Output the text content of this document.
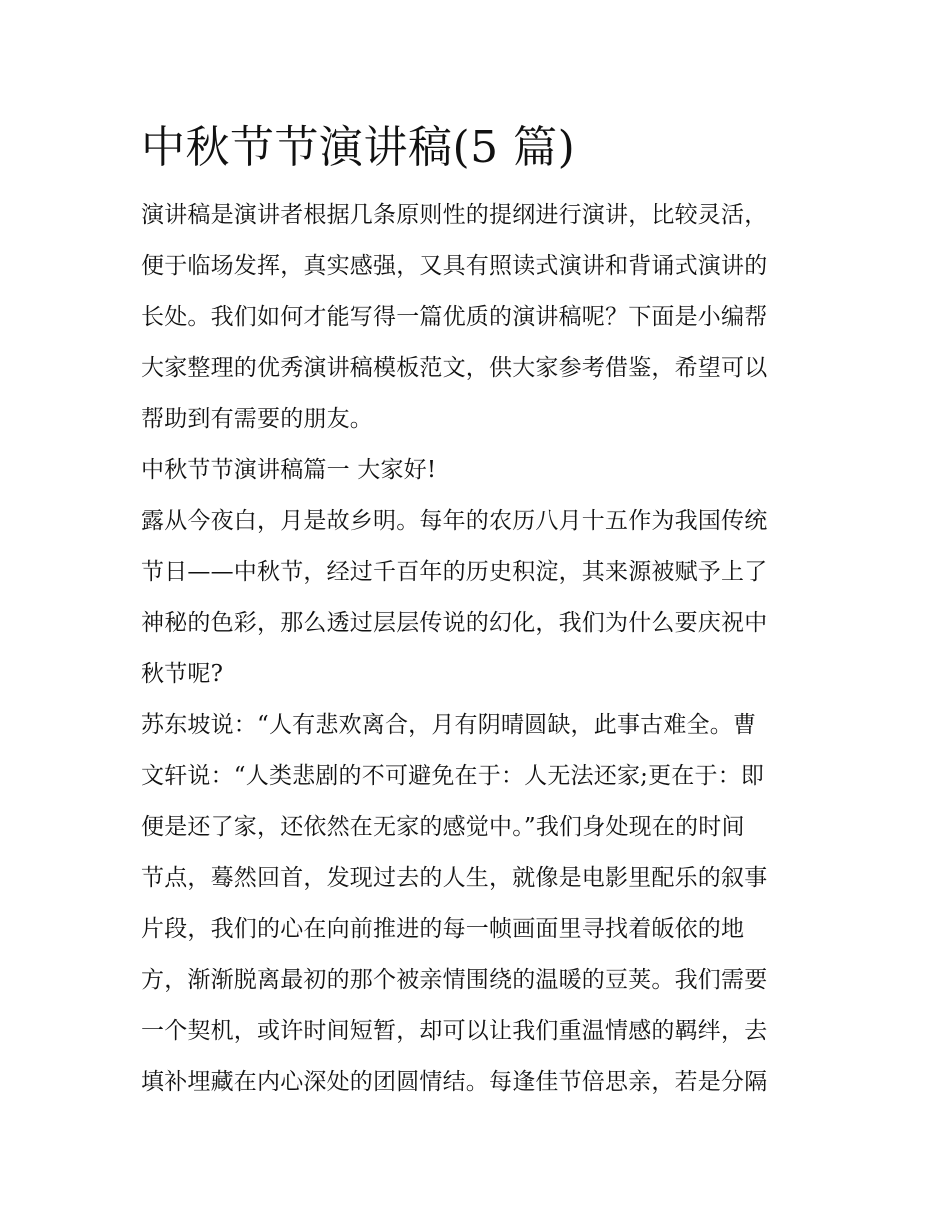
中秋节节演讲稿(5 篇)

演讲稿是演讲者根据几条原则性的提纲进行演讲，比较灵活，
便于临场发挥，真实感强，又具有照读式演讲和背诵式演讲的
长处。我们如何才能写得一篇优质的演讲稿呢？下面是小编帮
大家整理的优秀演讲稿模板范文，供大家参考借鉴，希望可以
帮助到有需要的朋友。

中秋节节演讲稿篇一 大家好!

露从今夜白，月是故乡明。每年的农历八月十五作为我国传统
节日——中秋节，经过千百年的历史积淀，其来源被赋予上了
神秘的色彩，那么透过层层传说的幻化，我们为什么要庆祝中
秋节呢?

苏东坡说：“人有悲欢离合，月有阴晴圆缺，此事古难全。曹
文轩说：“人类悲剧的不可避免在于：人无法还家;更在于：即
便是还了家，还依然在无家的感觉中。”我们身处现在的时间
节点，蓦然回首，发现过去的人生，就像是电影里配乐的叙事
片段，我们的心在向前推进的每一帧画面里寻找着皈依的地
方，渐渐脱离最初的那个被亲情围绕的温暖的豆荚。我们需要
一个契机，或许时间短暂，却可以让我们重温情感的羁绊，去
填补埋藏在内心深处的团圆情结。每逢佳节倍思亲，若是分隔
